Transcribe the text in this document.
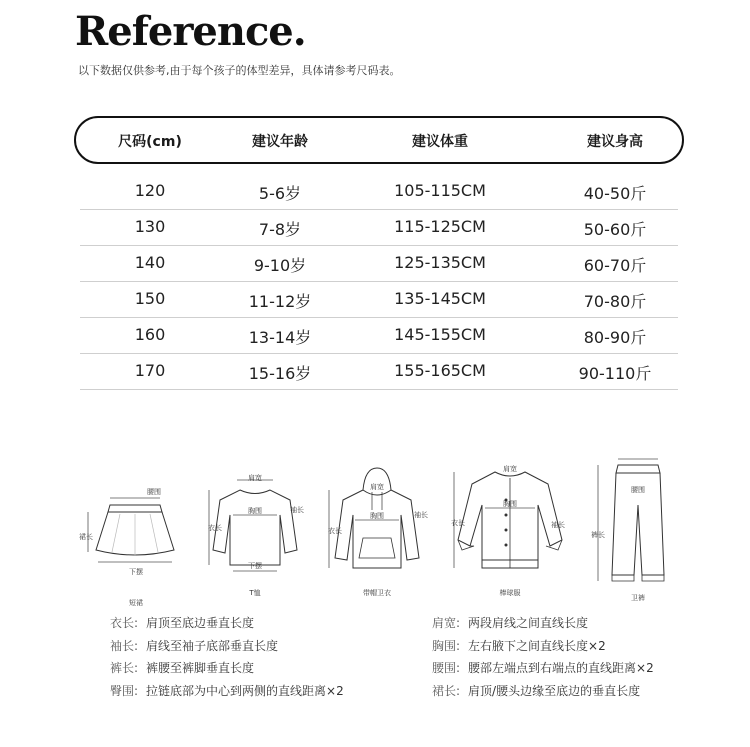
Reference.
以下数据仅供参考,由于每个孩子的体型差异，具体请参考尺码表。
尺码(cm)	建议年龄	建议体重	建议身高
120	5-6岁	105-115CM	40-50斤
130	7-8岁	115-125CM	50-60斤
140	9-10岁	125-135CM	60-70斤
150	11-12岁	135-145CM	70-80斤
160	13-14岁	145-155CM	80-90斤
170	15-16岁	155-165CM	90-110斤
腰围
裙长
下摆
短裙
肩宽
胸围
衣长
袖长
下摆
T恤
肩宽
胸围
衣长
袖长
带帽卫衣
肩宽
胸围
衣长	袖长
棒球服
腰围
裤长
卫裤
衣长: 肩顶至底边垂直长度
袖长: 肩线至袖子底部垂直长度
裤长: 裤腰至裤脚垂直长度
臀围: 拉链底部为中心到两侧的直线距离×2
肩宽: 两段肩线之间直线长度
胸围: 左右腋下之间直线长度×2
腰围: 腰部左端点到右端点的直线距离×2
裙长: 肩顶/腰头边缘至底边的垂直长度
